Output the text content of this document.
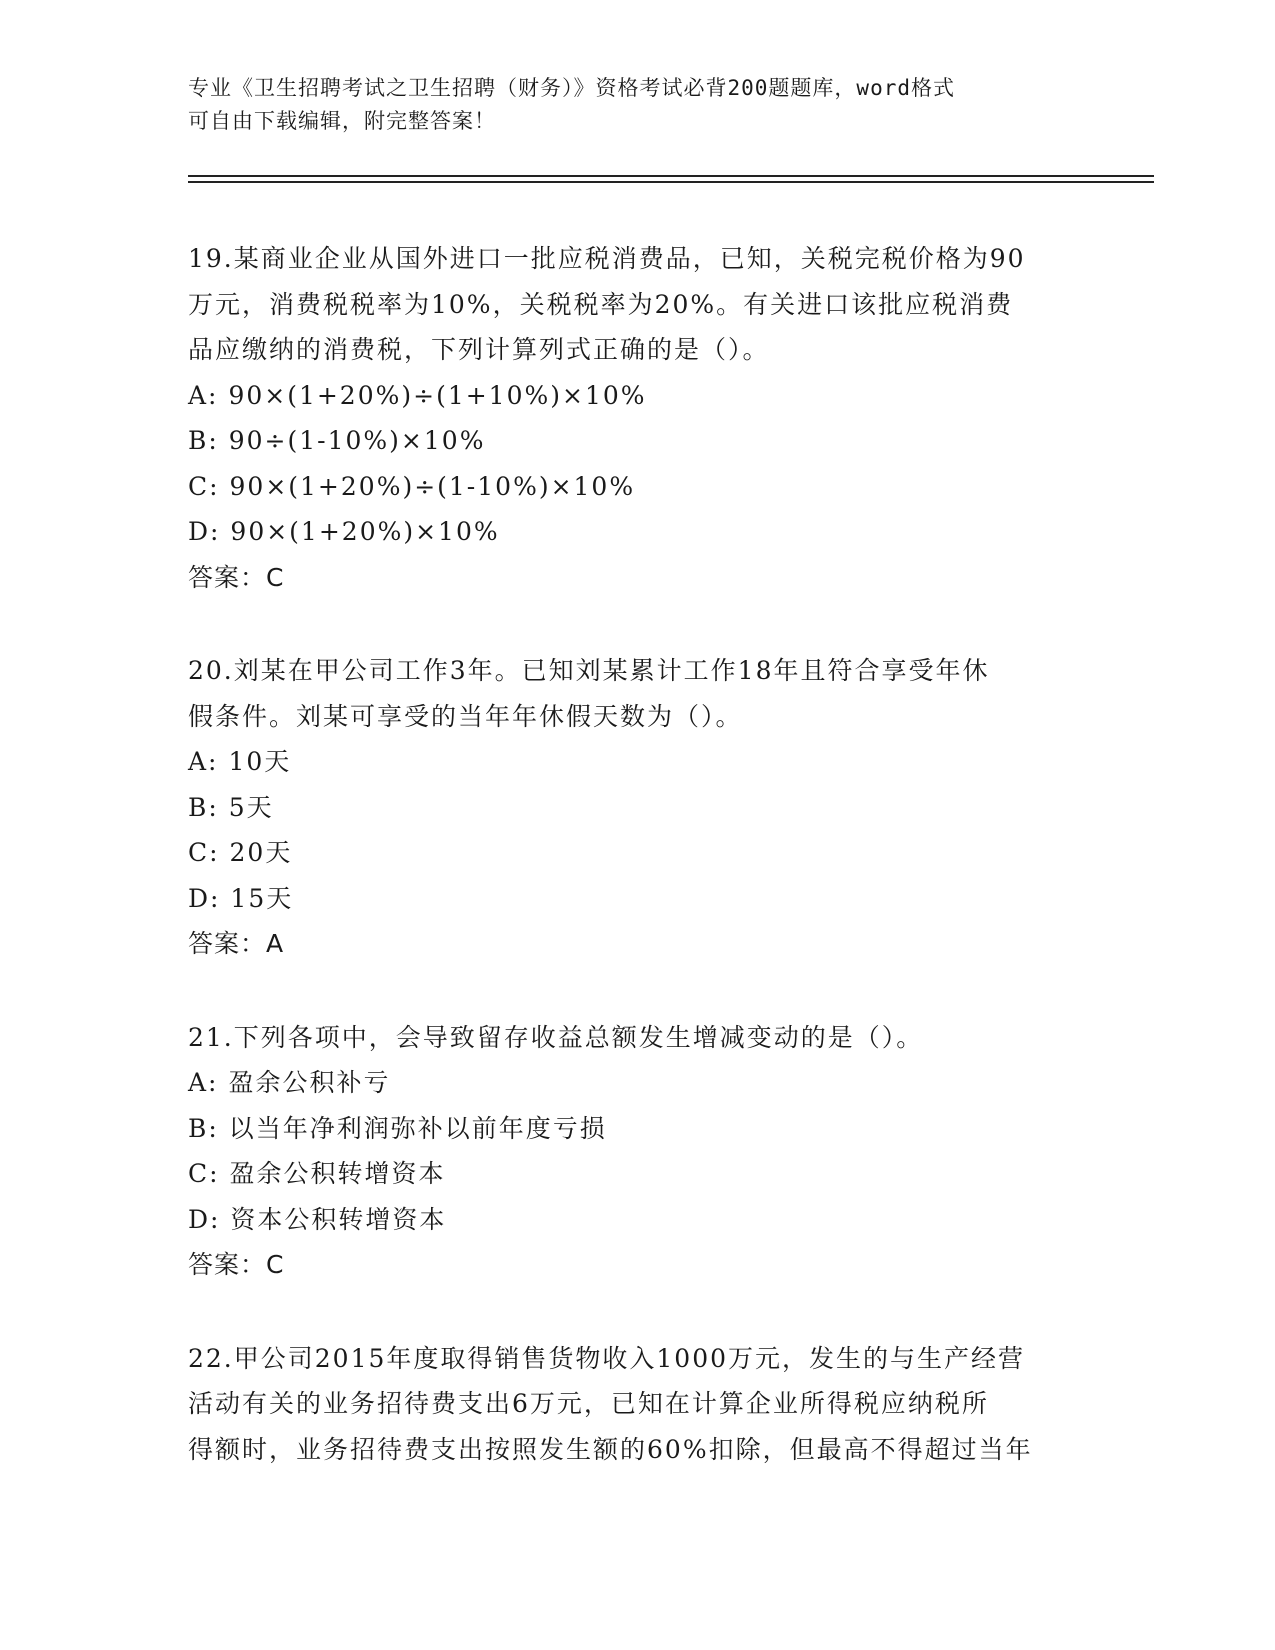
专业《卫生招聘考试之卫生招聘（财务）》资格考试必背200题题库，word格式
可自由下载编辑，附完整答案！
19.某商业企业从国外进口一批应税消费品，已知，关税完税价格为90
万元，消费税税率为10%，关税税率为20%。有关进口该批应税消费
品应缴纳的消费税，下列计算列式正确的是（）。
A: 90×(1+20%)÷(1+10%)×10%
B: 90÷(1-10%)×10%
C: 90×(1+20%)÷(1-10%)×10%
D: 90×(1+20%)×10%
答案：C
20.刘某在甲公司工作3年。已知刘某累计工作18年且符合享受年休
假条件。刘某可享受的当年年休假天数为（）。
A: 10天
B: 5天
C: 20天
D: 15天
答案：A
21.下列各项中，会导致留存收益总额发生增减变动的是（）。
A: 盈余公积补亏
B: 以当年净利润弥补以前年度亏损
C: 盈余公积转增资本
D: 资本公积转增资本
答案：C
22.甲公司2015年度取得销售货物收入1000万元，发生的与生产经营
活动有关的业务招待费支出6万元，已知在计算企业所得税应纳税所
得额时，业务招待费支出按照发生额的60%扣除，但最高不得超过当年
